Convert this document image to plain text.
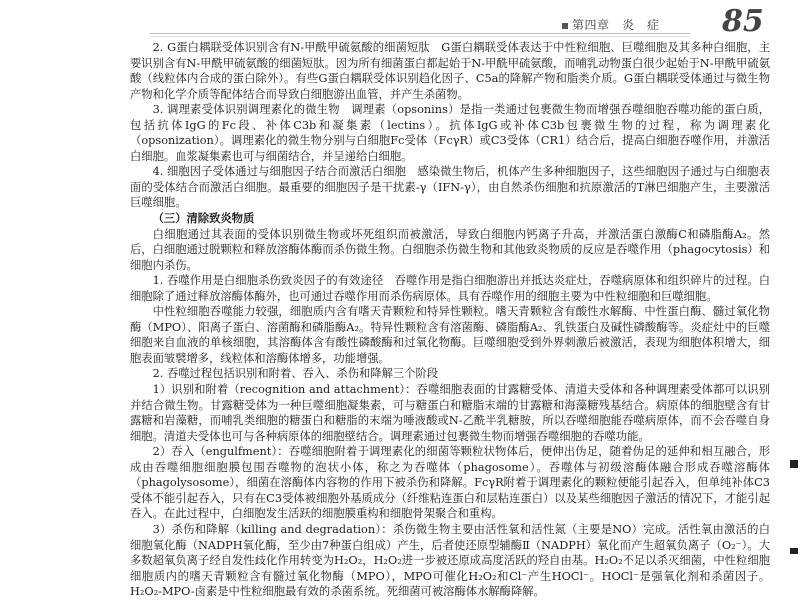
第四章　炎　症 85

2. G蛋白耦联受体识别含有N-甲酰甲硫氨酸的细菌短肽　G蛋白耦联受体表达于中性粒细胞、巨噬细胞及其多种白细胞，主要识别含有N-甲酰甲硫氨酸的细菌短肽。因为所有细菌蛋白都起始于N-甲酰甲硫氨酸，而哺乳动物蛋白很少起始于N-甲酰甲硫氨酸（线粒体内合成的蛋白除外）。有些G蛋白耦联受体识别趋化因子、C5a的降解产物和脂类介质。G蛋白耦联受体通过与微生物产物和化学介质等配体结合而导致白细胞游出血管，并产生杀菌物。

3. 调理素受体识别调理素化的微生物　调理素（opsonins）是指一类通过包裹微生物而增强吞噬细胞吞噬功能的蛋白质，包括抗体IgG的Fc段、补体C3b和凝集素（lectins）。抗体IgG或补体C3b包裹微生物的过程，称为调理素化（opsonization）。调理素化的微生物分别与白细胞Fc受体（FcγR）或C3受体（CR1）结合后，提高白细胞吞噬作用，并激活白细胞。血浆凝集素也可与细菌结合，并呈递给白细胞。

4. 细胞因子受体通过与细胞因子结合而激活白细胞　感染微生物后，机体产生多种细胞因子，这些细胞因子通过与白细胞表面的受体结合而激活白细胞。最重要的细胞因子是干扰素-γ（IFN-γ），由自然杀伤细胞和抗原激活的T淋巴细胞产生，主要激活巨噬细胞。

（三）清除致炎物质

白细胞通过其表面的受体识别微生物或坏死组织而被激活，导致白细胞内钙离子升高，并激活蛋白激酶C和磷脂酶A₂。然后，白细胞通过脱颗粒和释放溶酶体酶而杀伤微生物。白细胞杀伤微生物和其他致炎物质的反应是吞噬作用（phagocytosis）和细胞内杀伤。

1. 吞噬作用是白细胞杀伤致炎因子的有效途径　吞噬作用是指白细胞游出并抵达炎症灶，吞噬病原体和组织碎片的过程。白细胞除了通过释放溶酶体酶外，也可通过吞噬作用而杀伤病原体。具有吞噬作用的细胞主要为中性粒细胞和巨噬细胞。

中性粒细胞吞噬能力较强，细胞质内含有嗜天青颗粒和特异性颗粒。嗜天青颗粒含有酸性水解酶、中性蛋白酶、髓过氧化物酶（MPO）、阳离子蛋白、溶菌酶和磷脂酶A₂。特异性颗粒含有溶菌酶、磷脂酶A₂、乳铁蛋白及碱性磷酸酶等。炎症灶中的巨噬细胞来自血液的单核细胞，其溶酶体含有酸性磷酸酶和过氧化物酶。巨噬细胞受到外界刺激后被激活，表现为细胞体积增大，细胞表面皱襞增多，线粒体和溶酶体增多，功能增强。

2. 吞噬过程包括识别和附着、吞入、杀伤和降解三个阶段

1）识别和附着（recognition and attachment）：吞噬细胞表面的甘露糖受体、清道夫受体和各种调理素受体都可以识别并结合微生物。甘露糖受体为一种巨噬细胞凝集素，可与糖蛋白和糖脂末端的甘露糖和海藻糖残基结合。病原体的细胞壁含有甘露糖和岩藻糖，而哺乳类细胞的糖蛋白和糖脂的末端为唾液酸或N-乙酰半乳糖胺，所以吞噬细胞能吞噬病原体，而不会吞噬自身细胞。清道夫受体也可与各种病原体的细胞壁结合。调理素通过包裹微生物而增强吞噬细胞的吞噬功能。

2）吞入（engulfment）：吞噬细胞附着于调理素化的细菌等颗粒状物体后，便伸出伪足，随着伪足的延伸和相互融合，形成由吞噬细胞细胞膜包围吞噬物的泡状小体，称之为吞噬体（phagosome）。吞噬体与初级溶酶体融合形成吞噬溶酶体（phagolysosome），细菌在溶酶体内容物的作用下被杀伤和降解。FcγR附着于调理素化的颗粒便能引起吞入，但单纯补体C3受体不能引起吞入，只有在C3受体被细胞外基质成分（纤维粘连蛋白和层粘连蛋白）以及某些细胞因子激活的情况下，才能引起吞入。在此过程中，白细胞发生活跃的细胞膜重构和细胞骨架聚合和重构。

3）杀伤和降解（killing and degradation）：杀伤微生物主要由活性氧和活性氮（主要是NO）完成。活性氧由激活的白细胞氧化酶（NADPH氧化酶，至少由7种蛋白组成）产生，后者使还原型辅酶Ⅱ（NADPH）氧化而产生超氧负离子（O₂⁻）。大多数超氧负离子经自发性歧化作用转变为H₂O₂，H₂O₂进一步被还原成高度活跃的羟自由基。H₂O₂不足以杀灭细菌，中性粒细胞细胞质内的嗜天青颗粒含有髓过氧化物酶（MPO），MPO可催化H₂O₂和Cl⁻产生HOCl⁻。HOCl⁻是强氧化剂和杀菌因子。H₂O₂-MPO-卤素是中性粒细胞最有效的杀菌系统。死细菌可被溶酶体水解酶降解。
